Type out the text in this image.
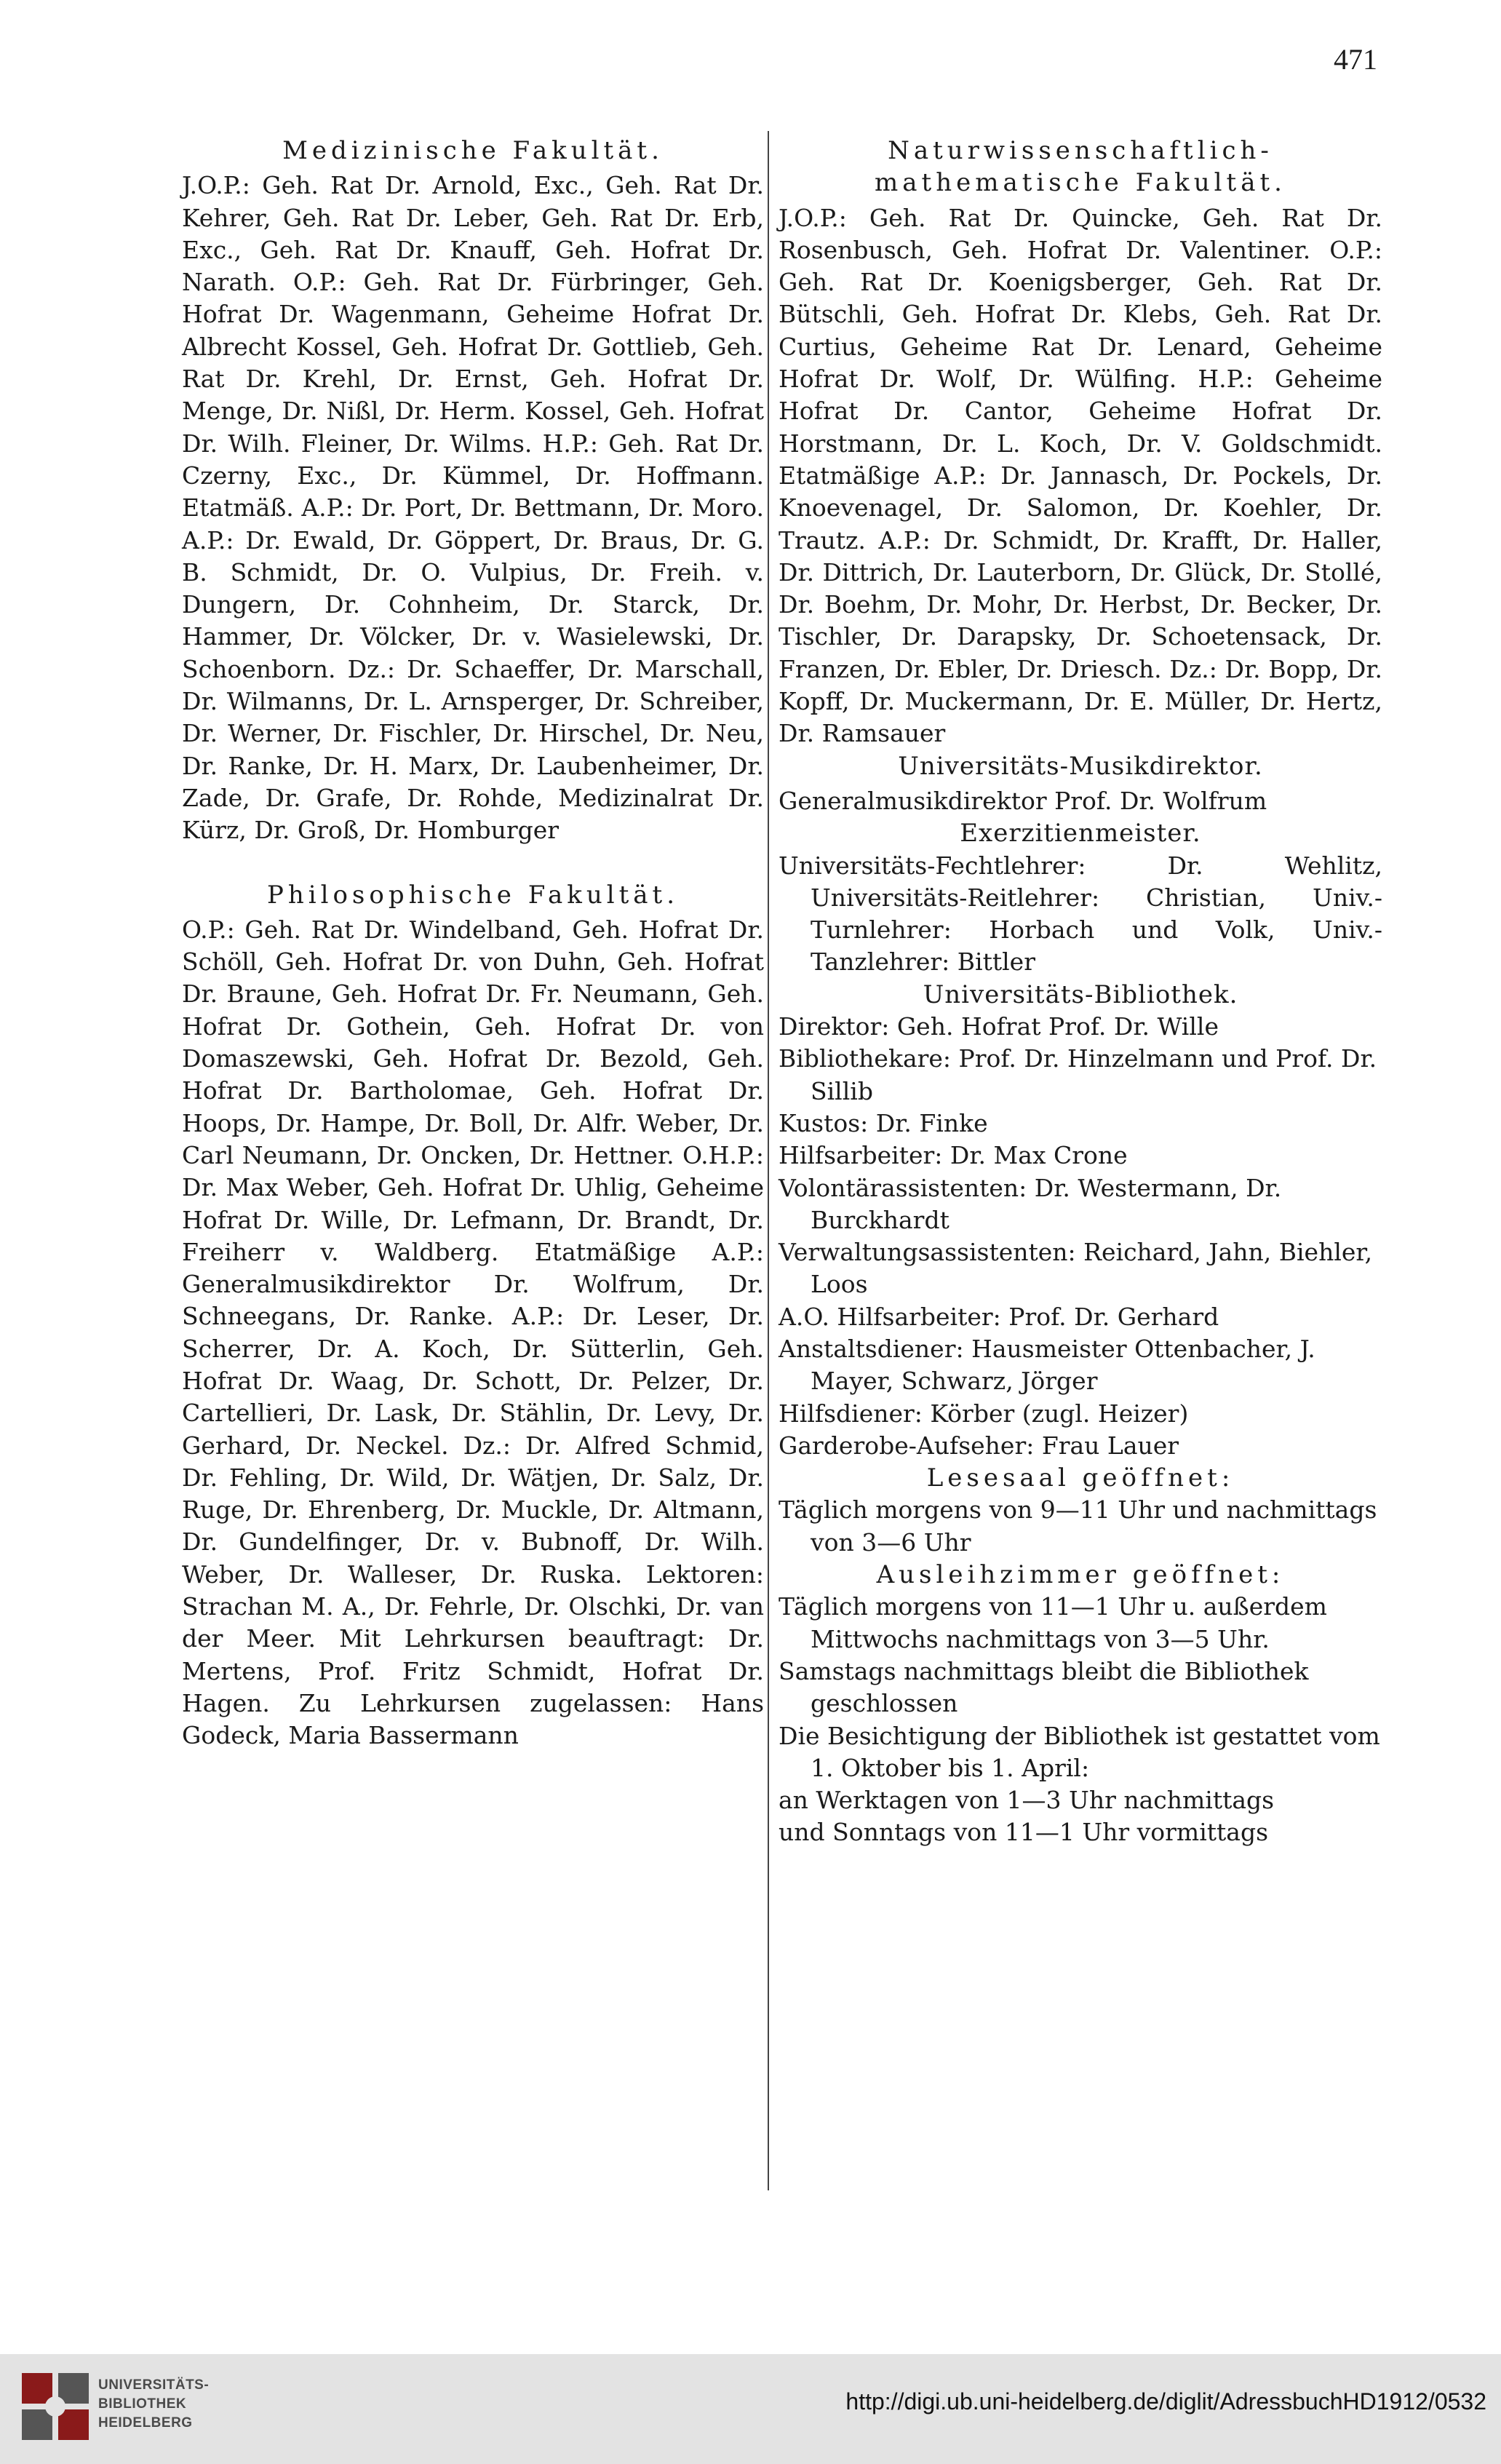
471

Medizinische Fakultät.

J.O.P.: Geh. Rat Dr. Arnold, Exc., Geh. Rat Dr. Kehrer, Geh. Rat Dr. Leber, Geh. Rat Dr. Erb, Exc., Geh. Rat Dr. Knauff, Geh. Hofrat Dr. Narath. O.P.: Geh. Rat Dr. Fürbringer, Geh. Hofrat Dr. Wagenmann, Geheime Hofrat Dr. Albrecht Kossel, Geh. Hofrat Dr. Gottlieb, Geh. Rat Dr. Krehl, Dr. Ernst, Geh. Hofrat Dr. Menge, Dr. Nißl, Dr. Herm. Kossel, Geh. Hofrat Dr. Wilh. Fleiner, Dr. Wilms. H.P.: Geh. Rat Dr. Czerny, Exc., Dr. Kümmel, Dr. Hoffmann. Etatmäß. A.P.: Dr. Port, Dr. Bettmann, Dr. Moro. A.P.: Dr. Ewald, Dr. Göppert, Dr. Braus, Dr. G. B. Schmidt, Dr. O. Vulpius, Dr. Freih. v. Dungern, Dr. Cohnheim, Dr. Starck, Dr. Hammer, Dr. Völcker, Dr. v. Wasielewski, Dr. Schoenborn. Dz.: Dr. Schaeffer, Dr. Marschall, Dr. Wilmanns, Dr. L. Arnsperger, Dr. Schreiber, Dr. Werner, Dr. Fischler, Dr. Hirschel, Dr. Neu, Dr. Ranke, Dr. H. Marx, Dr. Laubenheimer, Dr. Zade, Dr. Grafe, Dr. Rohde, Medizinalrat Dr. Kürz, Dr. Groß, Dr. Homburger

Philosophische Fakultät.

O.P.: Geh. Rat Dr. Windelband, Geh. Hofrat Dr. Schöll, Geh. Hofrat Dr. von Duhn, Geh. Hofrat Dr. Braune, Geh. Hofrat Dr. Fr. Neumann, Geh. Hofrat Dr. Gothein, Geh. Hofrat Dr. von Domaszewski, Geh. Hofrat Dr. Bezold, Geh. Hofrat Dr. Bartholomae, Geh. Hofrat Dr. Hoops, Dr. Hampe, Dr. Boll, Dr. Alfr. Weber, Dr. Carl Neumann, Dr. Oncken, Dr. Hettner. O.H.P.: Dr. Max Weber, Geh. Hofrat Dr. Uhlig, Geheime Hofrat Dr. Wille, Dr. Lefmann, Dr. Brandt, Dr. Freiherr v. Waldberg. Etatmäßige A.P.: Generalmusikdirektor Dr. Wolfrum, Dr. Schneegans, Dr. Ranke. A.P.: Dr. Leser, Dr. Scherrer, Dr. A. Koch, Dr. Sütterlin, Geh. Hofrat Dr. Waag, Dr. Schott, Dr. Pelzer, Dr. Cartellieri, Dr. Lask, Dr. Stählin, Dr. Levy, Dr. Gerhard, Dr. Neckel. Dz.: Dr. Alfred Schmid, Dr. Fehling, Dr. Wild, Dr. Wätjen, Dr. Salz, Dr. Ruge, Dr. Ehrenberg, Dr. Muckle, Dr. Altmann, Dr. Gundelfinger, Dr. v. Bubnoff, Dr. Wilh. Weber, Dr. Walleser, Dr. Ruska. Lektoren: Strachan M. A., Dr. Fehrle, Dr. Olschki, Dr. van der Meer. Mit Lehrkursen beauftragt: Dr. Mertens, Prof. Fritz Schmidt, Hofrat Dr. Hagen. Zu Lehrkursen zugelassen: Hans Godeck, Maria Bassermann

Naturwissenschaftlich-mathematische Fakultät.

J.O.P.: Geh. Rat Dr. Quincke, Geh. Rat Dr. Rosenbusch, Geh. Hofrat Dr. Valentiner. O.P.: Geh. Rat Dr. Koenigsberger, Geh. Rat Dr. Bütschli, Geh. Hofrat Dr. Klebs, Geh. Rat Dr. Curtius, Geheime Rat Dr. Lenard, Geheime Hofrat Dr. Wolf, Dr. Wülfing. H.P.: Geheime Hofrat Dr. Cantor, Geheime Hofrat Dr. Horstmann, Dr. L. Koch, Dr. V. Goldschmidt. Etatmäßige A.P.: Dr. Jannasch, Dr. Pockels, Dr. Knoevenagel, Dr. Salomon, Dr. Koehler, Dr. Trautz. A.P.: Dr. Schmidt, Dr. Krafft, Dr. Haller, Dr. Dittrich, Dr. Lauterborn, Dr. Glück, Dr. Stollé, Dr. Boehm, Dr. Mohr, Dr. Herbst, Dr. Becker, Dr. Tischler, Dr. Darapsky, Dr. Schoetensack, Dr. Franzen, Dr. Ebler, Dr. Driesch. Dz.: Dr. Bopp, Dr. Kopff, Dr. Muckermann, Dr. E. Müller, Dr. Hertz, Dr. Ramsauer

Universitäts-Musikdirektor.

Generalmusikdirektor Prof. Dr. Wolfrum

Exerzitienmeister.

Universitäts-Fechtlehrer: Dr. Wehlitz, Universitäts-Reitlehrer: Christian, Univ.-Turnlehrer: Horbach und Volk, Univ.-Tanzlehrer: Bittler

Universitäts-Bibliothek.

Direktor: Geh. Hofrat Prof. Dr. Wille

Bibliothekare: Prof. Dr. Hinzelmann und Prof. Dr. Sillib

Kustos: Dr. Finke

Hilfsarbeiter: Dr. Max Crone

Volontärassistenten: Dr. Westermann, Dr. Burckhardt

Verwaltungsassistenten: Reichard, Jahn, Biehler, Loos

A.O. Hilfsarbeiter: Prof. Dr. Gerhard

Anstaltsdiener: Hausmeister Ottenbacher, J. Mayer, Schwarz, Jörger

Hilfsdiener: Körber (zugl. Heizer)

Garderobe-Aufseher: Frau Lauer

Lesesaal geöffnet:

Täglich morgens von 9—11 Uhr und nachmittags von 3—6 Uhr

Ausleihzimmer geöffnet:

Täglich morgens von 11—1 Uhr u. außerdem Mittwochs nachmittags von 3—5 Uhr.

Samstags nachmittags bleibt die Bibliothek geschlossen

Die Besichtigung der Bibliothek ist gestattet vom 1. Oktober bis 1. April:

an Werktagen von 1—3 Uhr nachmittags

und Sonntags von 11—1 Uhr vormittags

UNIVERSITÄTS-
BIBLIOTHEK
HEIDELBERG
http://digi.ub.uni-heidelberg.de/diglit/AdressbuchHD1912/0532
